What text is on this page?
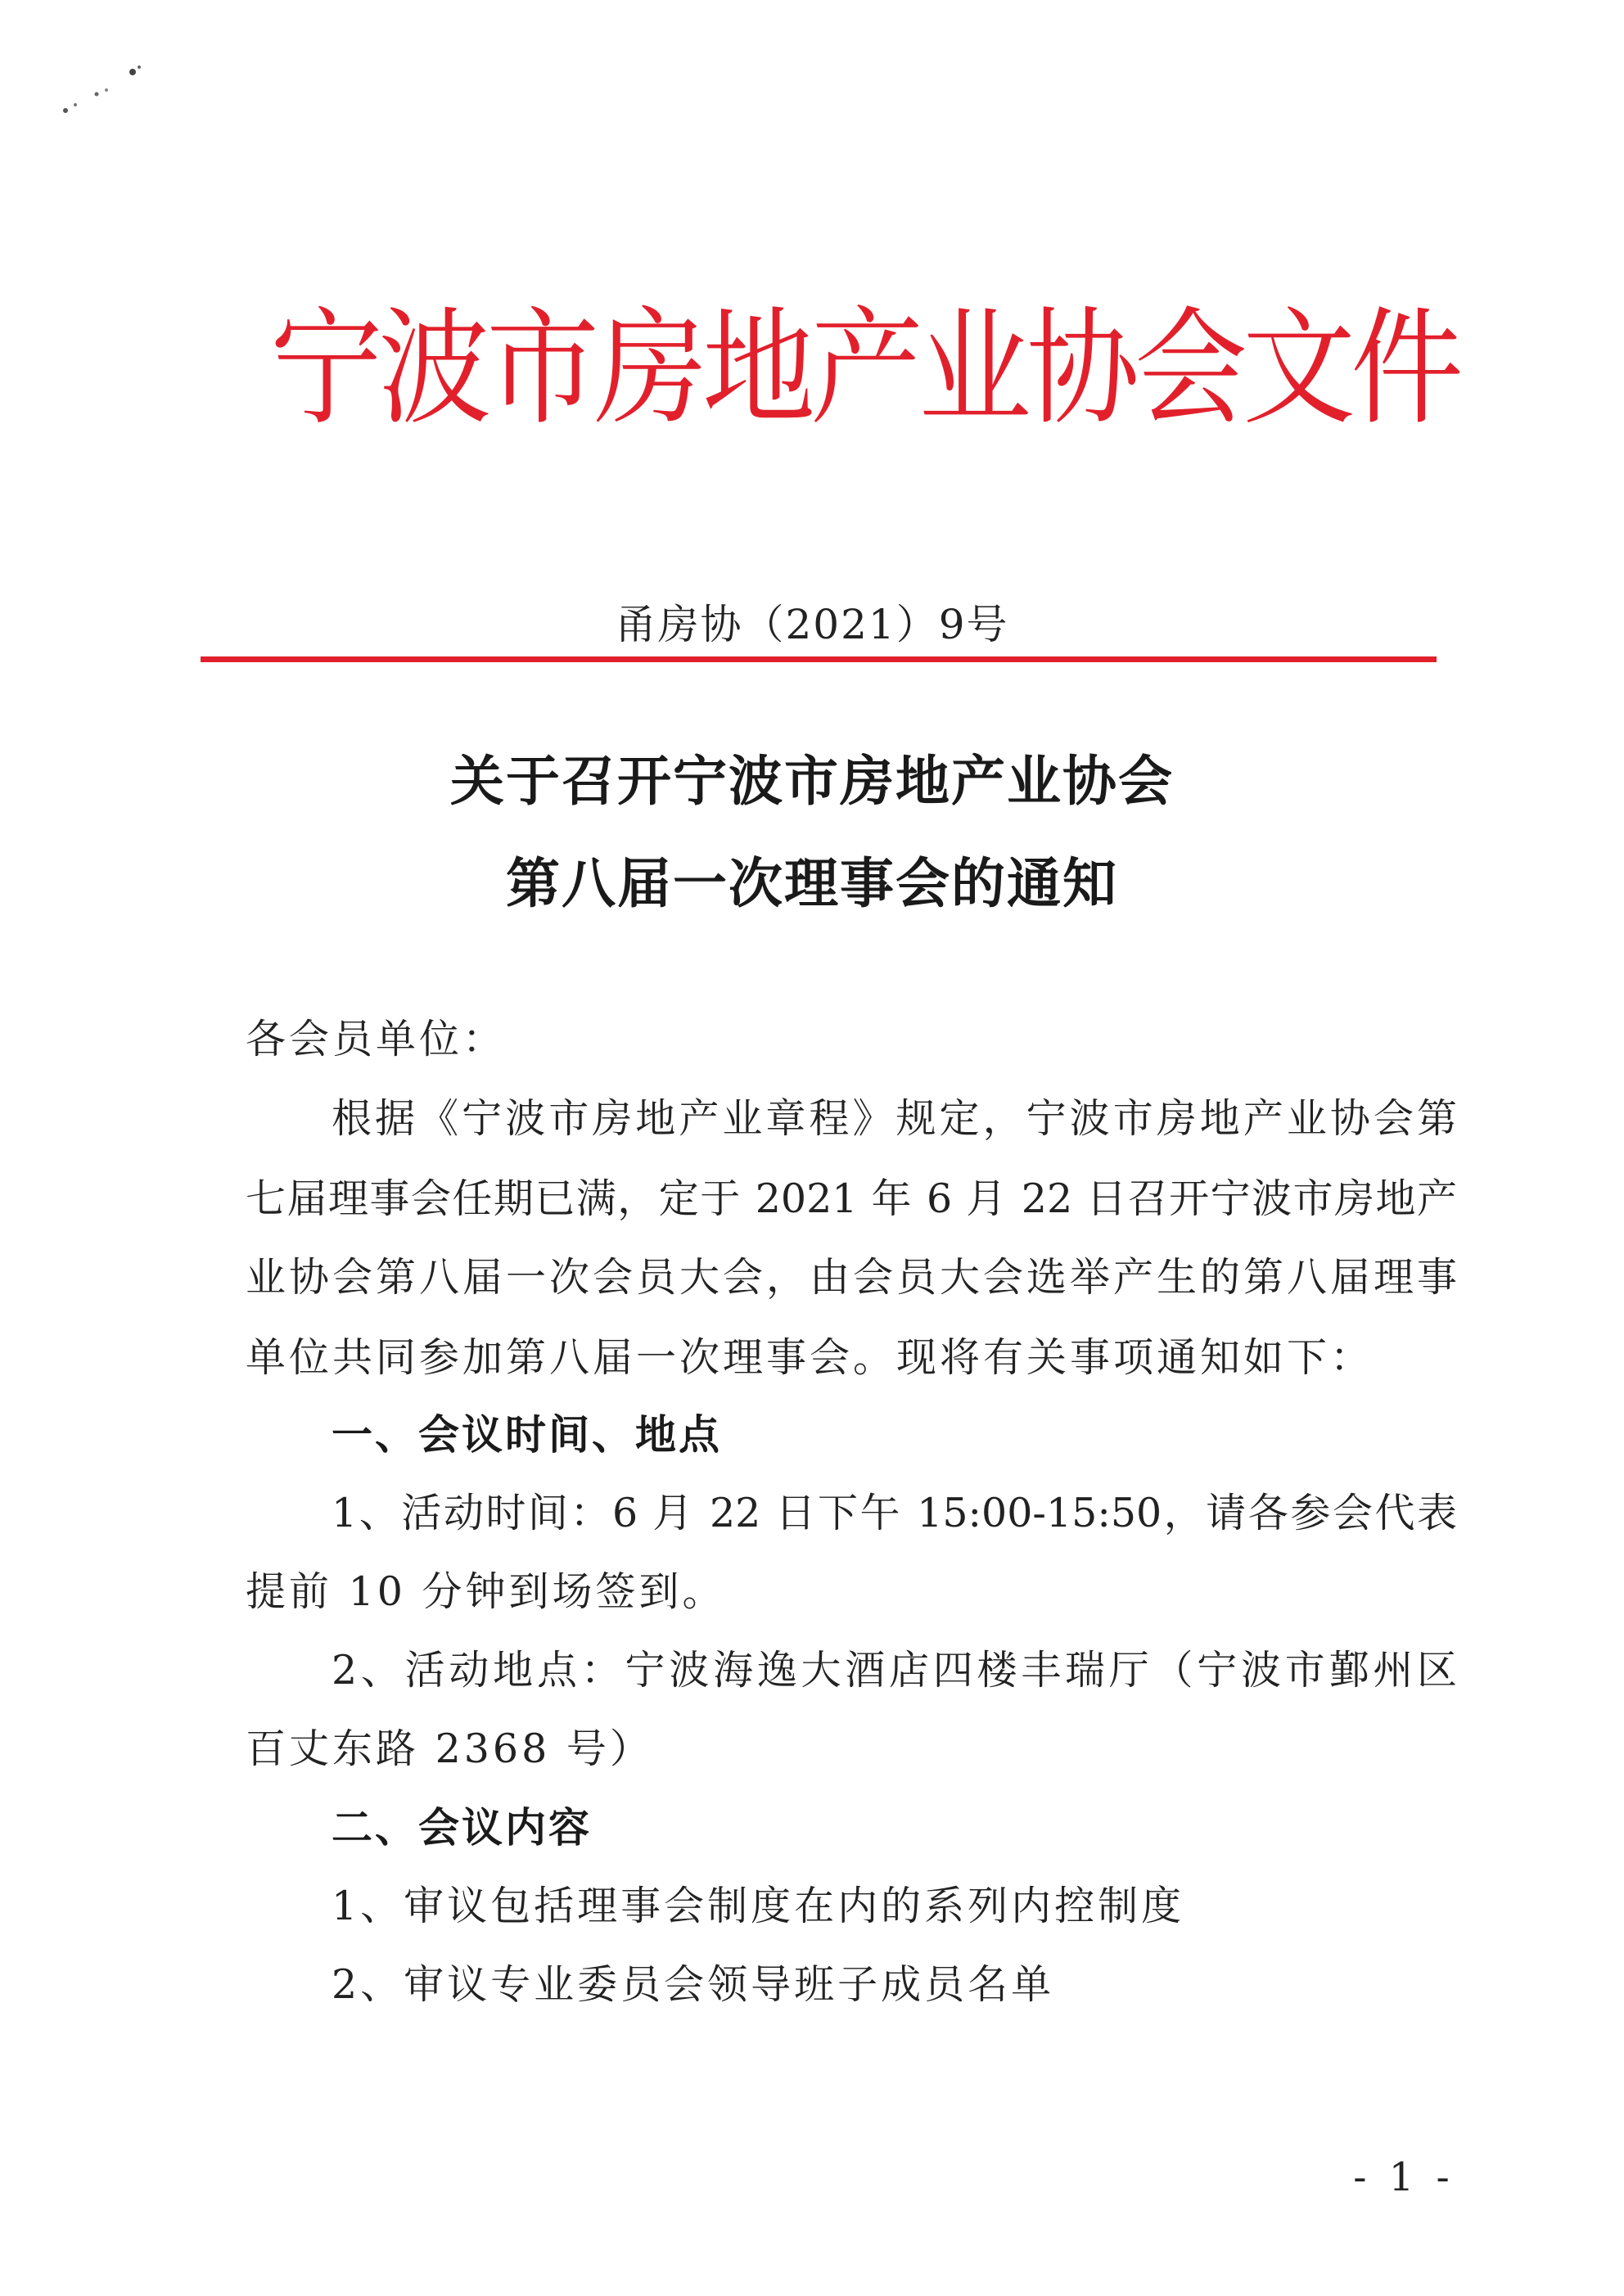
宁波市房地产业协会文件
甬房协（2021）9号
关于召开宁波市房地产业协会
第八届一次理事会的通知
各会员单位：
根据《宁波市房地产业章程》规定，宁波市房地产业协会第
七届理事会任期已满，定于 2021 年 6 月 22 日召开宁波市房地产
业协会第八届一次会员大会，由会员大会选举产生的第八届理事
单位共同参加第八届一次理事会。现将有关事项通知如下：
一、会议时间、地点
1、活动时间：6 月 22 日下午 15:00-15:50，请各参会代表
提前 10 分钟到场签到。
2、活动地点：宁波海逸大酒店四楼丰瑞厅（宁波市鄞州区
百丈东路 2368 号）
二、会议内容
1、审议包括理事会制度在内的系列内控制度
2、审议专业委员会领导班子成员名单
- 1 -
